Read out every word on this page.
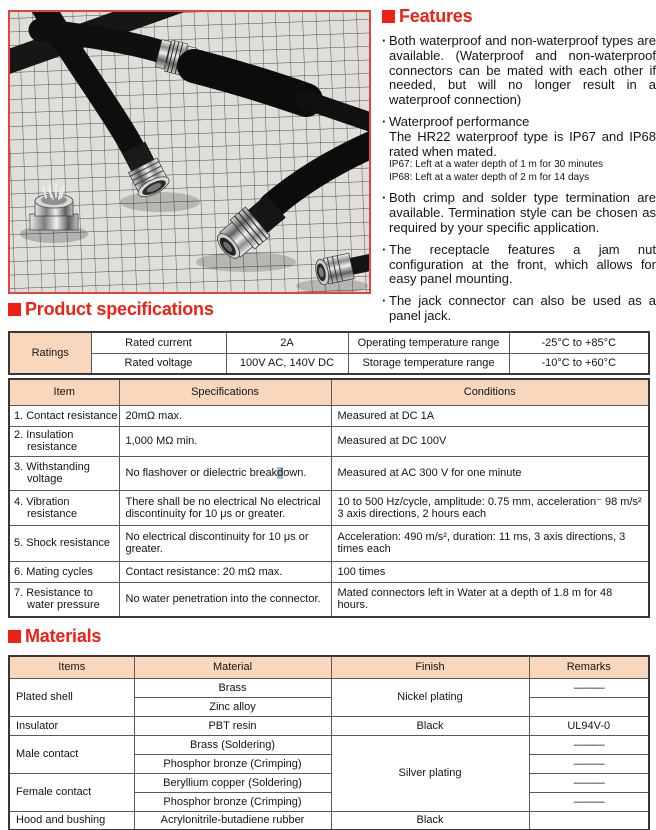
Features
· Both waterproof and non-waterproof types are available. (Waterproof and non-waterproof connectors can be mated with each other if needed, but will no longer result in a waterproof connection)
· Waterproof performance
The HR22 waterproof type is IP67 and IP68 rated when mated.
IP67: Left at a water depth of 1 m for 30 minutes
IP68: Left at a water depth of 2 m for 14 days
· Both crimp and solder type termination are available. Termination style can be chosen as required by your specific application.
· The receptacle features a jam nut configuration at the front, which allows for easy panel mounting.
· The jack connector can also be used as a panel jack.
Product specifications
Ratings	Rated current	2A	Operating temperature range	-25°C to +85°C
	Rated voltage	100V AC, 140V DC	Storage temperature range	-10°C to +60°C
Item	Specifications	Conditions

1. Contact resistance	20mΩ max.	Measured at DC 1A

2. Insulation resistance	1,000 MΩ min.	Measured at DC 100V

3. Withstanding voltage	No flashover or dielectric breakdown.	Measured at AC 300 V for one minute

4. Vibration resistance	There shall be no electrical No electrical discontinuity for 10 μs or greater.	10 to 500 Hz/cycle, amplitude: 0.75 mm, acceleration⁻ 98 m/s² 3 axis directions, 2 hours each

5. Shock resistance	No electrical discontinuity for 10 μs or greater.	Acceleration: 490 m/s², duration: 11 ms, 3 axis directions, 3 times each

6. Mating cycles	Contact resistance: 20 mΩ max.	100 times

7. Resistance to water pressure	No water penetration into the connector.	Mated connectors left in Water at a depth of 1.8 m for 48 hours.
Materials
Items	Material	Finish	Remarks
Plated shell	Brass	Nickel plating	———
	Zinc alloy		
Insulator	PBT resin	Black	UL94V-0
Male contact	Brass (Soldering)	Silver plating	———
	Phosphor bronze (Crimping)		———
Female contact	Beryllium copper (Soldering)		———
	Phosphor bronze (Crimping)		———
Hood and bushing	Acrylonitrile-butadiene rubber	Black	
